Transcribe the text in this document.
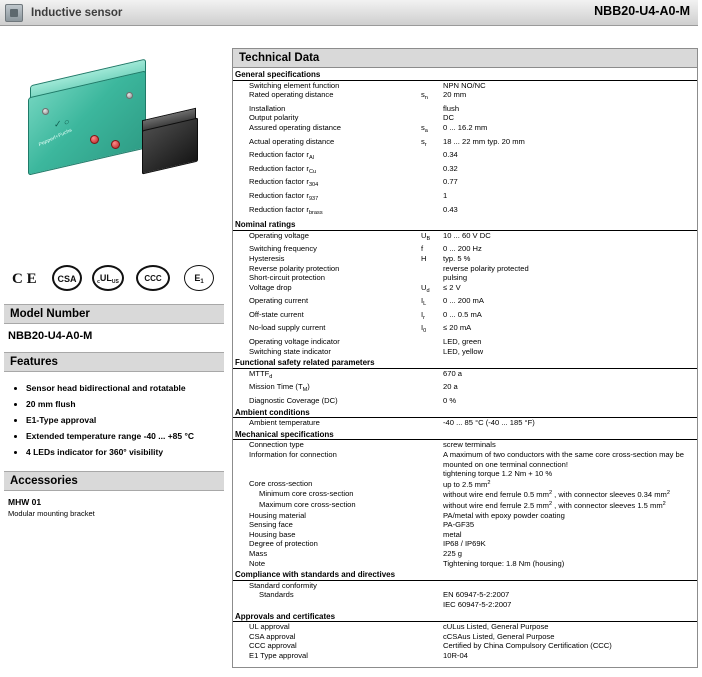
Inductive sensor	NBB20-U4-A0-M
✓ ○
Pepperl+Fuchs
C E	CSA	$_cUL_{US}$	CCC	$E_1$
Model Number
NBB20-U4-A0-M
Features
• Sensor head bidirectional and rotatable
• 20 mm flush
• E1-Type approval
• Extended temperature range -40 ... +85 °C
• 4 LEDs indicator for 360° visibility
Accessories
MHW 01
Modular mounting bracket
Technical Data
General specifications		
Switching element function		NPN NO/NC
Rated operating distance	$s_n$	20 mm
Installation		flush
Output polarity		DC
Assured operating distance	$s_a$	0 ... 16.2 mm
Actual operating distance	$s_r$	18 ... 22 mm typ. 20 mm
Reduction factor $r_{Al}$		0.34
Reduction factor $r_{Cu}$		0.32
Reduction factor $r_{304}$		0.77
Reduction factor $r_{937}$		1
Reduction factor $r_{brass}$		0.43
Nominal ratings		
Operating voltage	$U_B$	10 ... 60 V DC
Switching frequency	f	0 ... 200 Hz
Hysteresis	H	typ. 5 %
Reverse polarity protection		reverse polarity protected
Short-circuit protection		pulsing
Voltage drop	$U_d$	≤ 2 V
Operating current	$I_L$	0 ... 200 mA
Off-state current	$I_r$	0 ... 0.5 mA
No-load supply current	$I_0$	≤ 20 mA
Operating voltage indicator		LED, green
Switching state indicator		LED, yellow
Functional safety related parameters		
$MTTF_d$		670 a
Mission Time $(T_M)$		20 a
Diagnostic Coverage (DC)		0 %
Ambient conditions		
Ambient temperature		-40 ... 85 °C (-40 ... 185 °F)
Mechanical specifications		
Connection type		screw terminals
Information for connection		A maximum of two conductors with the same core cross-section may be mounted on one terminal connection!
tightening torque 1.2 Nm + 10 %
Core cross-section		up to 2.5 $mm^2$
Minimum core cross-section		without wire end ferrule 0.5 $mm^2$ , with connector sleeves 0.34 $mm^2$
Maximum core cross-section		without wire end ferrule 2.5 $mm^2$ , with connector sleeves 1.5 $mm^2$
Housing material		PA/metal with epoxy powder coating
Sensing face		PA-GF35
Housing base		metal
Degree of protection		IP68 / IP69K
Mass		225 g
Note		Tightening torque: 1.8 Nm (housing)
Compliance with standards and directives		
Standard conformity		
Standards		EN 60947-5-2:2007
IEC 60947-5-2:2007
Approvals and certificates		
UL approval		cULus Listed, General Purpose
CSA approval		cCSAus Listed, General Purpose
CCC approval		Certified by China Compulsory Certification (CCC)
E1 Type approval		10R-04
